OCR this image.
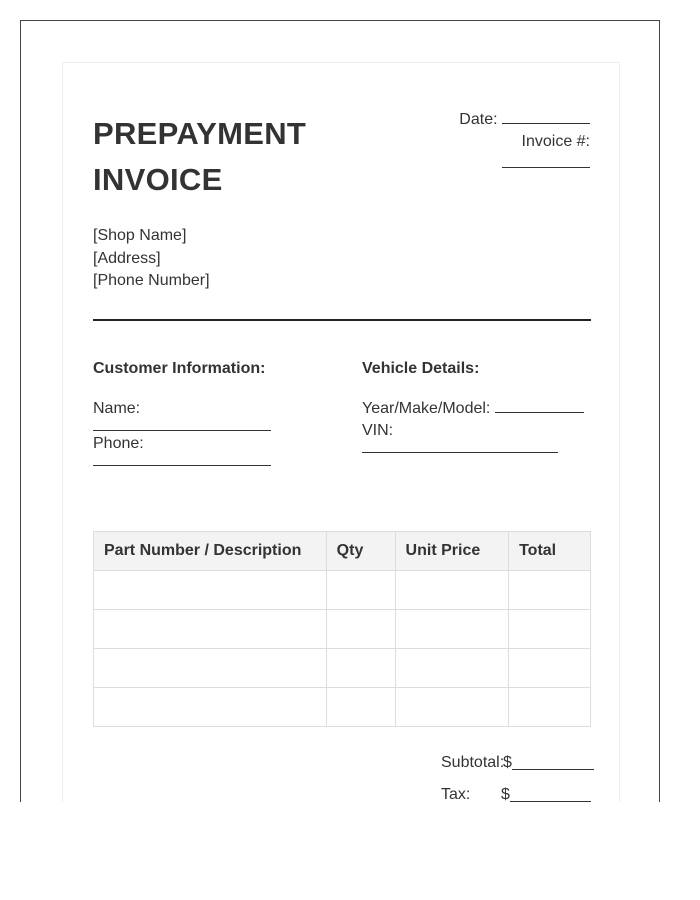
PREPAYMENT
INVOICE
Date:
Invoice #:
[Shop Name]
[Address]
[Phone Number]
Customer Information:
Name:
Phone:
Vehicle Details:
Year/Make/Model:
VIN:
Part Number / Description	Qty	Unit Price	Total

Subtotal:
$
Tax: $
